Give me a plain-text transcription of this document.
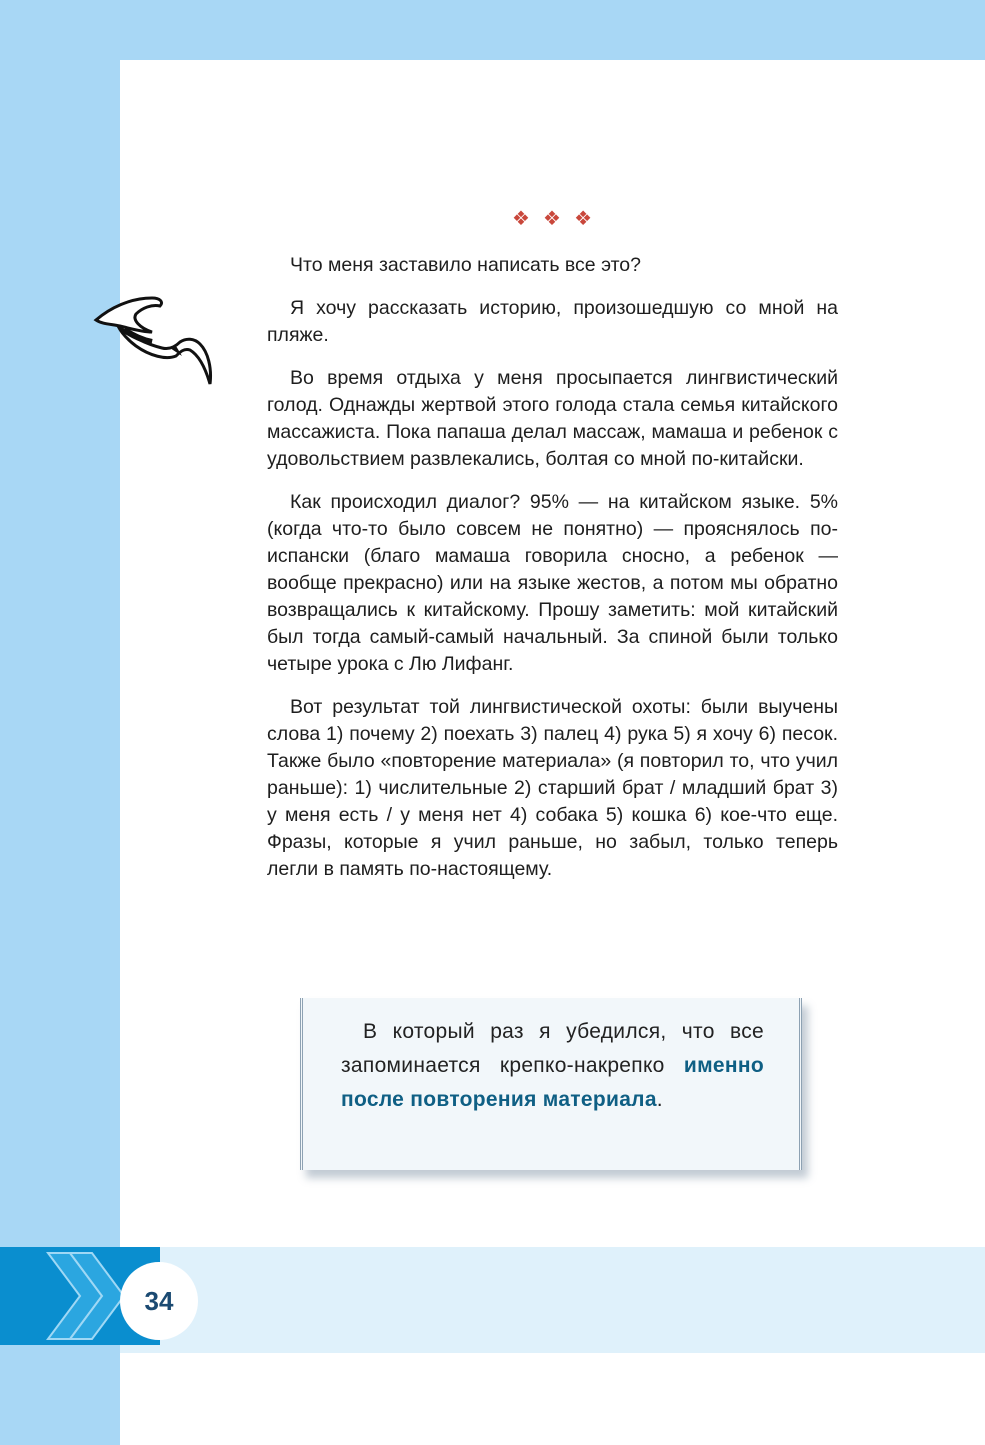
❖ ❖ ❖

Что меня заставило написать все это?

Я хочу рассказать историю, произошедшую со мной на пляже.

Во время отдыха у меня просыпается лингвистический голод. Однажды жертвой этого голода стала семья китайского массажиста. Пока папаша делал массаж, мамаша и ребенок с удовольствием развлекались, болтая со мной по-китайски.

Как происходил диалог? 95% — на китайском языке. 5% (когда что-то было совсем не понятно) — прояснялось по-испански (благо мамаша говорила сносно, а ребенок — вообще прекрасно) или на языке жестов, а потом мы обратно возвращались к китайскому. Прошу заметить: мой китайский был тогда самый-самый начальный. За спиной были только четыре урока с Лю Лифанг.

Вот результат той лингвистической охоты: были выучены слова 1) почему 2) поехать 3) палец 4) рука 5) я хочу 6) песок. Также было «повторение материала» (я повторил то, что учил раньше): 1) числительные 2) старший брат / младший брат 3) у меня есть / у меня нет 4) собака 5) кошка 6) кое-что еще. Фразы, которые я учил раньше, но забыл, только теперь легли в память по-настоящему.

В который раз я убедился, что все запоминается крепко-накрепко именно после повторения материала.
34
